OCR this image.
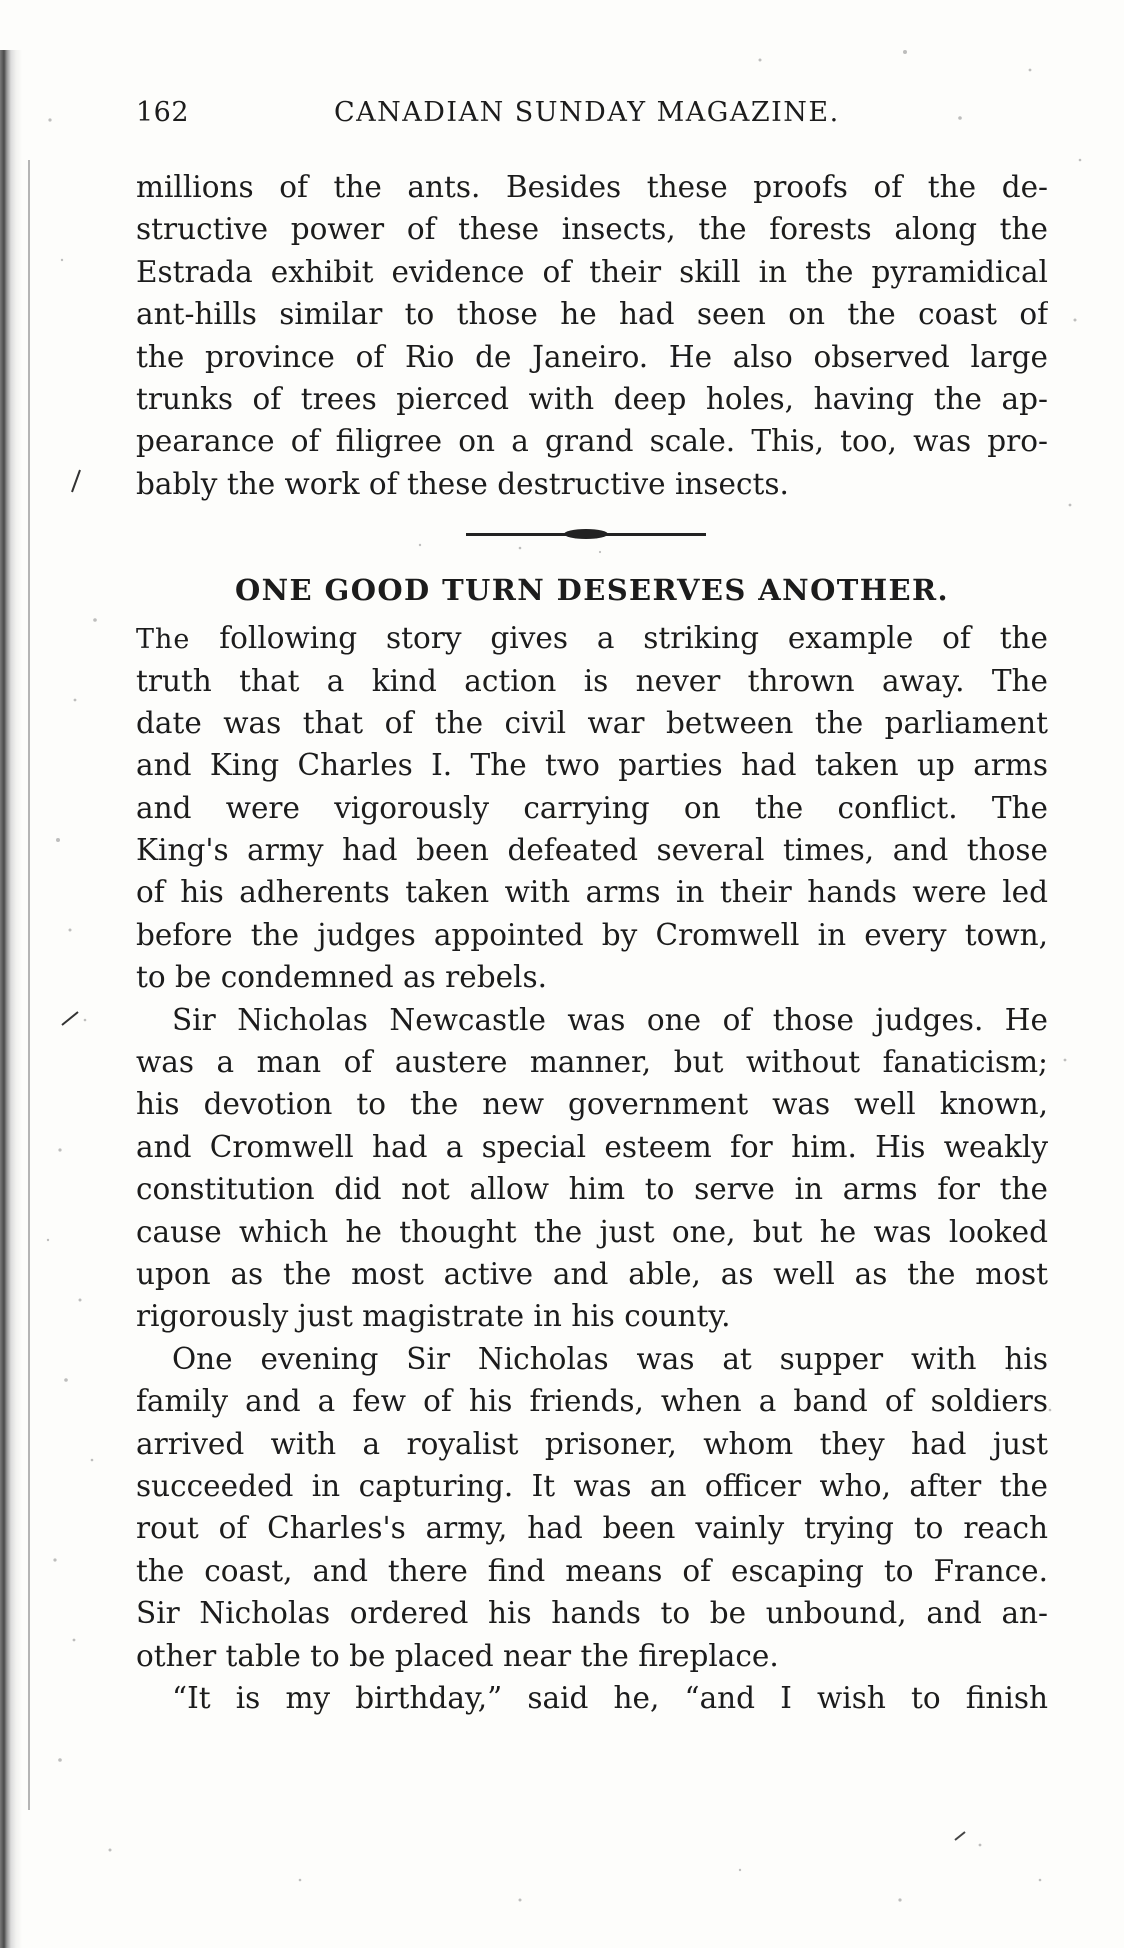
162	CANADIAN SUNDAY MAGAZINE.
millions of the ants. Besides these proofs of the de-
structive power of these insects, the forests along the
Estrada exhibit evidence of their skill in the pyramidical
ant-hills similar to those he had seen on the coast of
the province of Rio de Janeiro. He also observed large
trunks of trees pierced with deep holes, having the ap-
pearance of filigree on a grand scale. This, too, was pro-
bably the work of these destructive insects.
ONE GOOD TURN DESERVES ANOTHER.
The following story gives a striking example of the
truth that a kind action is never thrown away. The
date was that of the civil war between the parliament
and King Charles I. The two parties had taken up arms
and were vigorously carrying on the conflict. The
King's army had been defeated several times, and those
of his adherents taken with arms in their hands were led
before the judges appointed by Cromwell in every town,
to be condemned as rebels.
Sir Nicholas Newcastle was one of those judges. He
was a man of austere manner, but without fanaticism;
his devotion to the new government was well known,
and Cromwell had a special esteem for him. His weakly
constitution did not allow him to serve in arms for the
cause which he thought the just one, but he was looked
upon as the most active and able, as well as the most
rigorously just magistrate in his county.
One evening Sir Nicholas was at supper with his
family and a few of his friends, when a band of soldiers
arrived with a royalist prisoner, whom they had just
succeeded in capturing. It was an officer who, after the
rout of Charles's army, had been vainly trying to reach
the coast, and there find means of escaping to France.
Sir Nicholas ordered his hands to be unbound, and an-
other table to be placed near the fireplace.
“It is my birthday,” said he, “and I wish to finish
